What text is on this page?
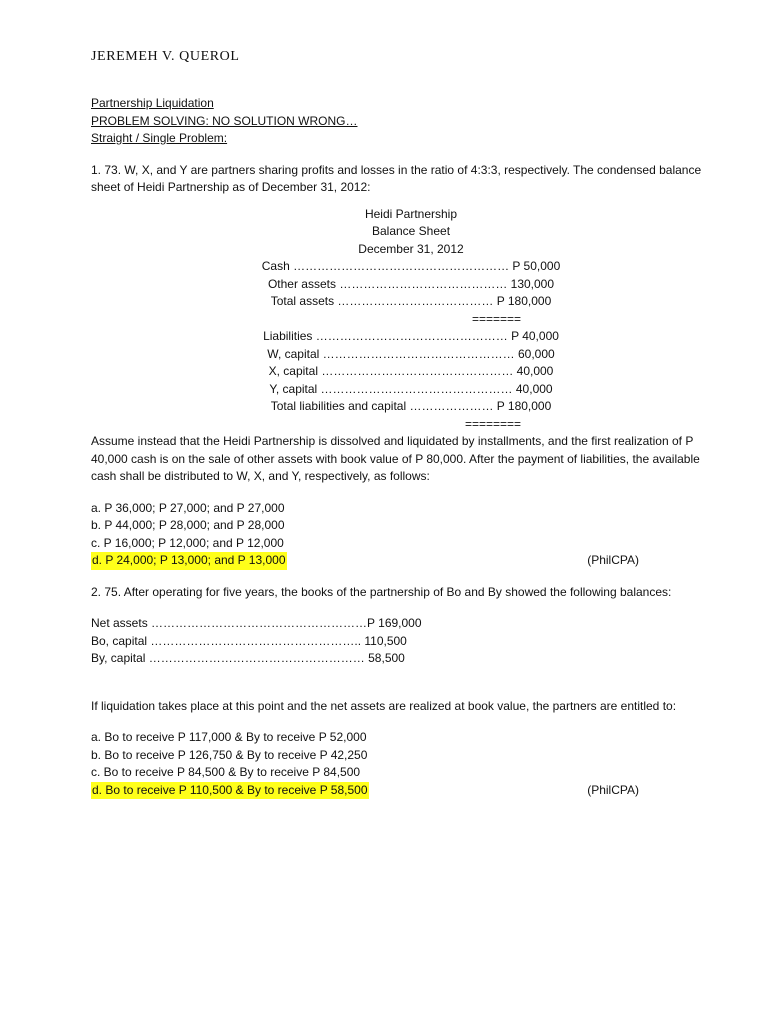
JEREMEH V. QUEROL

Partnership Liquidation

PROBLEM SOLVING: NO SOLUTION WRONG…

Straight / Single Problem:

1. 73. W, X, and Y are partners sharing profits and losses in the ratio of 4:3:3, respectively. The condensed balance sheet of Heidi Partnership as of December 31, 2012:

Heidi Partnership
Balance Sheet
December 31, 2012
Cash ……………………………………………… P 50,000
Other assets …………………………………… 130,000
Total assets ………………………………… P 180,000
=======
Liabilities ………………………………………… P 40,000
W, capital ………………………………………… 60,000
X, capital ………………………………………… 40,000
Y, capital ………………………………………… 40,000
Total liabilities and capital ………………… P 180,000
========

Assume instead that the Heidi Partnership is dissolved and liquidated by installments, and the first realization of P 40,000 cash is on the sale of other assets with book value of P 80,000. After the payment of liabilities, the available cash shall be distributed to W, X, and Y, respectively, as follows:

a. P 36,000; P 27,000; and P 27,000
b. P 44,000; P 28,000; and P 28,000
c. P 16,000; P 12,000; and P 12,000
d. P 24,000; P 13,000; and P 13,000	(PhilCPA)

2. 75. After operating for five years, the books of the partnership of Bo and By showed the following balances:

Net assets ………………………………………………P 169,000
Bo, capital …………………………………………….. 110,500
By, capital ……………………………………………… 58,500

If liquidation takes place at this point and the net assets are realized at book value, the partners are entitled to:

a. Bo to receive P 117,000 & By to receive P 52,000
b. Bo to receive P 126,750 & By to receive P 42,250
c. Bo to receive P 84,500 & By to receive P 84,500
d. Bo to receive P 110,500 & By to receive P 58,500	(PhilCPA)
